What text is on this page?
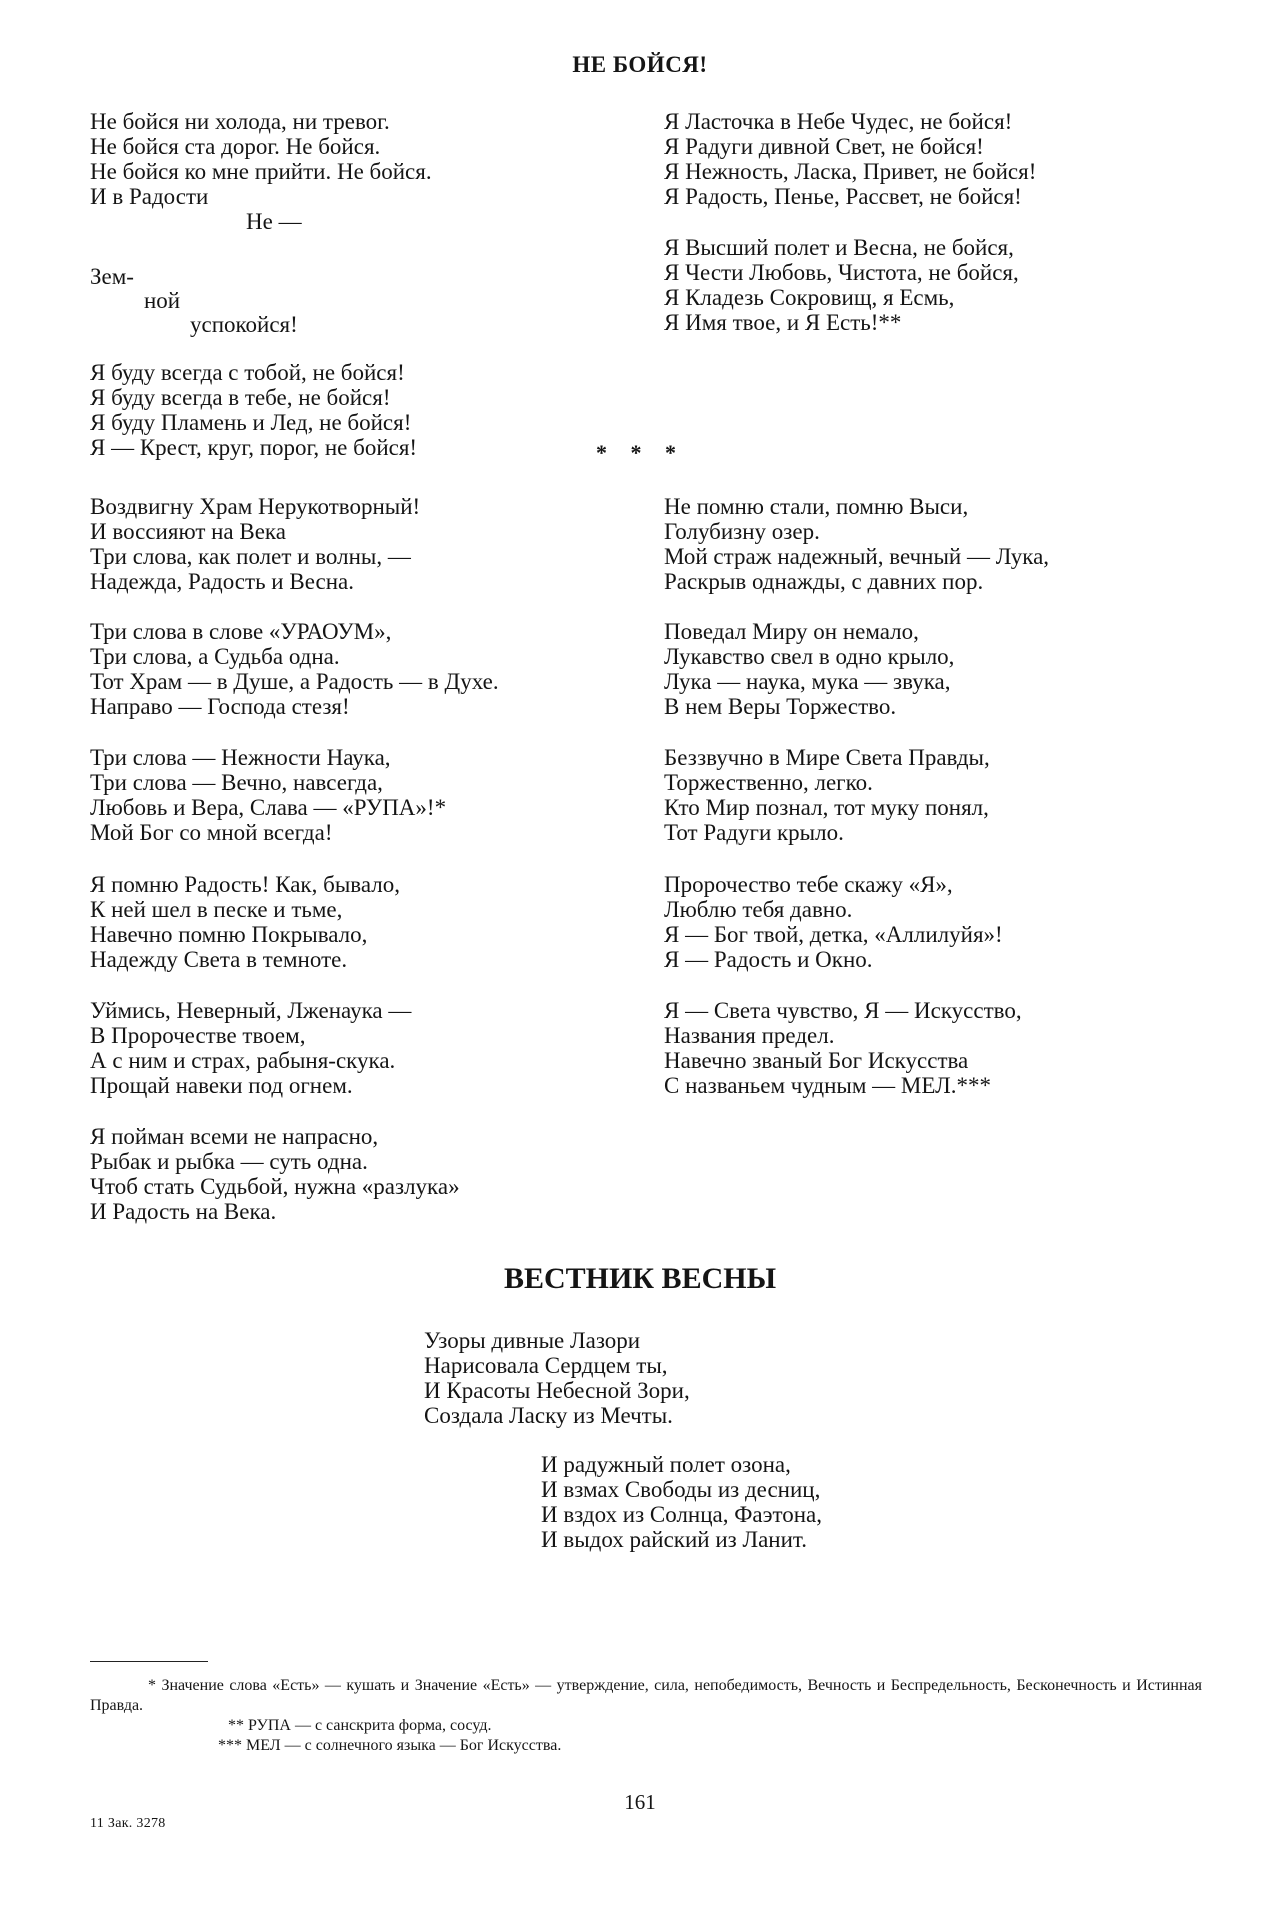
НЕ БОЙСЯ!
Не бойся ни холода, ни тревог.
Не бойся ста дорог. Не бойся.
Не бойся ко мне прийти. Не бойся.
И в Радости
Не —
Зем-
ной
успокойся!
Я буду всегда с тобой, не бойся!
Я буду всегда в тебе, не бойся!
Я буду Пламень и Лед, не бойся!
Я — Крест, круг, порог, не бойся!
Я Ласточка в Небе Чудес, не бойся!
Я Радуги дивной Свет, не бойся!
Я Нежность, Ласка, Привет, не бойся!
Я Радость, Пенье, Рассвет, не бойся!
Я Высший полет и Весна, не бойся,
Я Чести Любовь, Чистота, не бойся,
Я Кладезь Сокровищ, я Есмь,
Я Имя твое, и Я Есть!**
* * *
Воздвигну Храм Нерукотворный!
И воссияют на Века
Три слова, как полет и волны, —
Надежда, Радость и Весна.
Три слова в слове «УРАОУМ»,
Три слова, а Судьба одна.
Тот Храм — в Душе, а Радость — в Духе.
Направо — Господа стезя!
Три слова — Нежности Наука,
Три слова — Вечно, навсегда,
Любовь и Вера, Слава — «РУПА»!*
Мой Бог со мной всегда!
Я помню Радость! Как, бывало,
К ней шел в песке и тьме,
Навечно помню Покрывало,
Надежду Света в темноте.
Уймись, Неверный, Лженаука —
В Пророчестве твоем,
А с ним и страх, рабыня-скука.
Прощай навеки под огнем.
Я пойман всеми не напрасно,
Рыбак и рыбка — суть одна.
Чтоб стать Судьбой, нужна «разлука»
И Радость на Века.
Не помню стали, помню Выси,
Голубизну озер.
Мой страж надежный, вечный — Лука,
Раскрыв однажды, с давних пор.
Поведал Миру он немало,
Лукавство свел в одно крыло,
Лука — наука, мука — звука,
В нем Веры Торжество.
Беззвучно в Мире Света Правды,
Торжественно, легко.
Кто Мир познал, тот муку понял,
Тот Радуги крыло.
Пророчество тебе скажу «Я»,
Люблю тебя давно.
Я — Бог твой, детка, «Аллилуйя»!
Я — Радость и Окно.
Я — Света чувство, Я — Искусство,
Названия предел.
Навечно званый Бог Искусства
С названьем чудным — МЕЛ.***
ВЕСТНИК ВЕСНЫ
Узоры дивные Лазори
Нарисовала Сердцем ты,
И Красоты Небесной Зори,
Создала Ласку из Мечты.
И радужный полет озона,
И взмах Свободы из десниц,
И вздох из Солнца, Фаэтона,
И выдох райский из Ланит.
* Значение слова «Есть» — кушать и Значение «Есть» — утверждение, сила, непобедимость, Вечность и Беспредельность, Бесконечность и Истинная Правда.
** РУПА — с санскрита форма, сосуд.
*** МЕЛ — с солнечного языка — Бог Искусства.
161
11 Зак. 3278
